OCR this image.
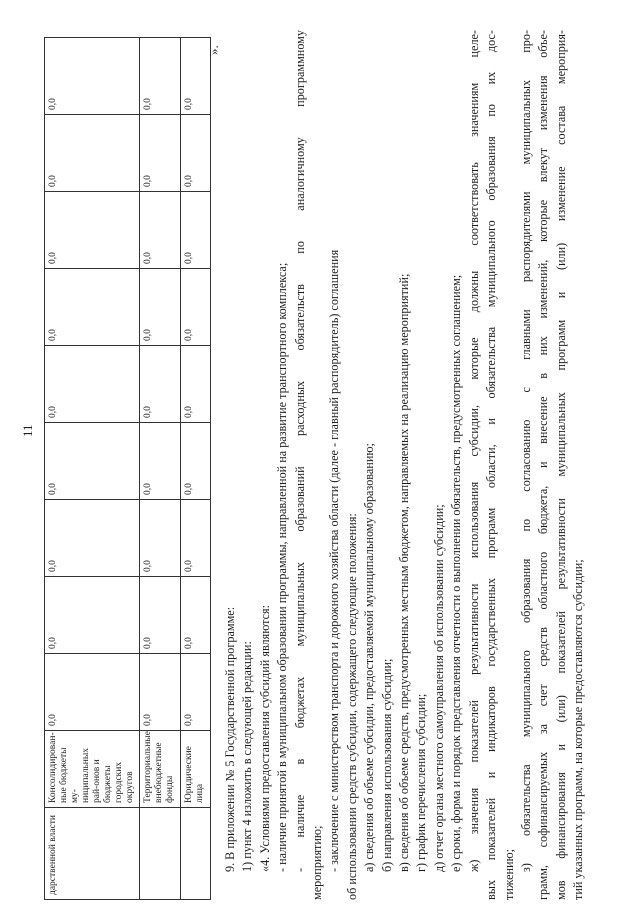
11
дарственной власти	Консолидирован-ные бюджеты му-ниципальных рай-онов и бюджеты городских округов	0,0	0,0	0,0	0,0	0,0	0,0	0,0	0,0	0,0
	Территориальные внебюджетные фонды	0,0	0,0	0,0	0,0	0,0	0,0	0,0	0,0	0,0
	Юридические лица	0,0	0,0	0,0	0,0	0,0	0,0	0,0	0,0	0,0
».

9. В приложении № 5 Государственной программе: 1) пункт 4 изложить в следующей редакции: «4. Условиями предоставления субсидий являются: - наличие принятой в муниципальном образовании программы, направленной на развитие транспортного комплекса; - наличие в бюджетах муниципальных образований расходных обязательств по аналогичному программному мероприятию; - заключение с министерством транспорта и дорожного хозяйства области (далее - главный распорядитель) соглашения об использовании средств субсидии, содержащего следующие положения: а) сведения об объеме субсидии, предоставляемой муниципальному образованию; б) направления использования субсидии; в) сведения об объеме средств, предусмотренных местным бюджетом, направляемых на реализацию мероприятий; г) график перечисления субсидии; д) отчет органа местного самоуправления об использовании субсидии; е) сроки, форма и порядок представления отчетности о выполнении обязательств, предусмотренных соглашением; ж) значения показателей результативности использования субсидии, которые должны соответствовать значениям целе- вых показателей и индикаторов государственных программ области, и обязательства муниципального образования по их дос- тижению;

з) обязательства муниципального образования по согласованию с главными распорядителями муниципальных про- грамм, софинансируемых за счет средств областного бюджета, и внесение в них изменений, которые влекут изменения объе- мов финансирования и (или) показателей результативности муниципальных программ и (или) изменение состава мероприя- тий указанных программ, на которые предоставляются субсидии;
